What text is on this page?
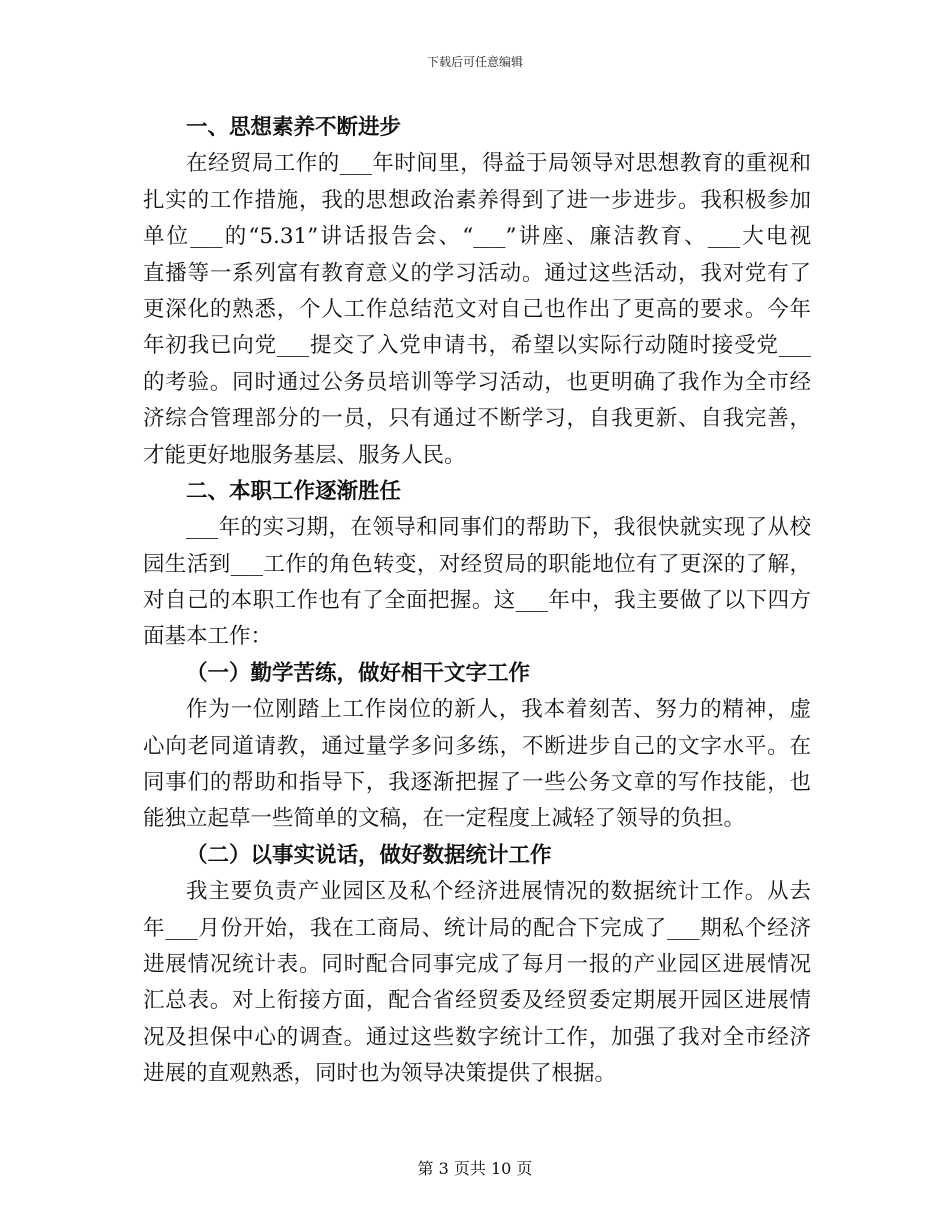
下载后可任意编辑
一、思想素养不断进步
在经贸局工作的___年时间里，得益于局领导对思想教育的重视和
扎实的工作措施，我的思想政治素养得到了进一步进步。我积极参加
单位___的“5.31”讲话报告会、“___”讲座、廉洁教育、___大电视
直播等一系列富有教育意义的学习活动。通过这些活动，我对党有了
更深化的熟悉，个人工作总结范文对自己也作出了更高的要求。今年
年初我已向党___提交了入党申请书，希望以实际行动随时接受党___
的考验。同时通过公务员培训等学习活动，也更明确了我作为全市经
济综合管理部分的一员，只有通过不断学习，自我更新、自我完善，
才能更好地服务基层、服务人民。
二、本职工作逐渐胜任
___年的实习期，在领导和同事们的帮助下，我很快就实现了从校
园生活到___工作的角色转变，对经贸局的职能地位有了更深的了解，
对自己的本职工作也有了全面把握。这___年中，我主要做了以下四方
面基本工作：
（一）勤学苦练，做好相干文字工作
作为一位刚踏上工作岗位的新人，我本着刻苦、努力的精神，虚
心向老同道请教，通过量学多问多练，不断进步自己的文字水平。在
同事们的帮助和指导下，我逐渐把握了一些公务文章的写作技能，也
能独立起草一些简单的文稿，在一定程度上减轻了领导的负担。
（二）以事实说话，做好数据统计工作
我主要负责产业园区及私个经济进展情况的数据统计工作。从去
年___月份开始，我在工商局、统计局的配合下完成了___期私个经济
进展情况统计表。同时配合同事完成了每月一报的产业园区进展情况
汇总表。对上衔接方面，配合省经贸委及经贸委定期展开园区进展情
况及担保中心的调查。通过这些数字统计工作，加强了我对全市经济
进展的直观熟悉，同时也为领导决策提供了根据。
第 3 页共 10 页
